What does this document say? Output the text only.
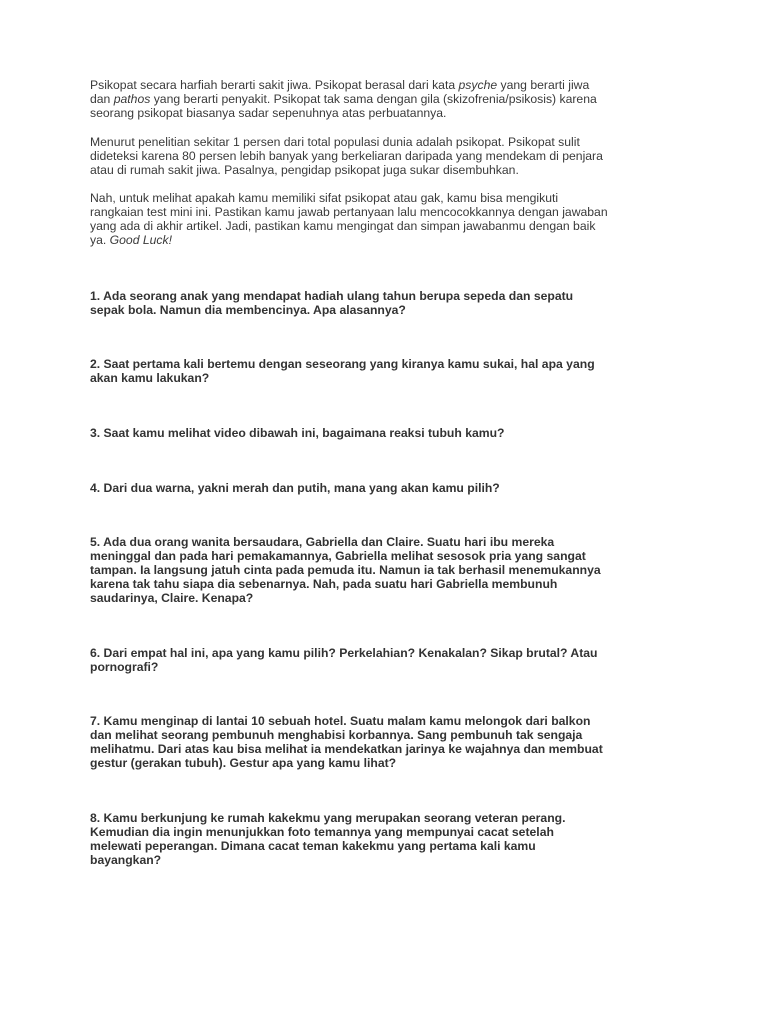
Psikopat secara harfiah berarti sakit jiwa. Psikopat berasal dari kata psyche yang berarti jiwa
dan pathos yang berarti penyakit. Psikopat tak sama dengan gila (skizofrenia/psikosis) karena
seorang psikopat biasanya sadar sepenuhnya atas perbuatannya.
Menurut penelitian sekitar 1 persen dari total populasi dunia adalah psikopat. Psikopat sulit
dideteksi karena 80 persen lebih banyak yang berkeliaran daripada yang mendekam di penjara
atau di rumah sakit jiwa. Pasalnya, pengidap psikopat juga sukar disembuhkan.
Nah, untuk melihat apakah kamu memiliki sifat psikopat atau gak, kamu bisa mengikuti
rangkaian test mini ini. Pastikan kamu jawab pertanyaan lalu mencocokkannya dengan jawaban
yang ada di akhir artikel. Jadi, pastikan kamu mengingat dan simpan jawabanmu dengan baik
ya. Good Luck!
1. Ada seorang anak yang mendapat hadiah ulang tahun berupa sepeda dan sepatu
sepak bola. Namun dia membencinya. Apa alasannya?
2. Saat pertama kali bertemu dengan seseorang yang kiranya kamu sukai, hal apa yang
akan kamu lakukan?
3. Saat kamu melihat video dibawah ini, bagaimana reaksi tubuh kamu?
4. Dari dua warna, yakni merah dan putih, mana yang akan kamu pilih?
5. Ada dua orang wanita bersaudara, Gabriella dan Claire. Suatu hari ibu mereka
meninggal dan pada hari pemakamannya, Gabriella melihat sesosok pria yang sangat
tampan. Ia langsung jatuh cinta pada pemuda itu. Namun ia tak berhasil menemukannya
karena tak tahu siapa dia sebenarnya. Nah, pada suatu hari Gabriella membunuh
saudarinya, Claire. Kenapa?
6. Dari empat hal ini, apa yang kamu pilih? Perkelahian? Kenakalan? Sikap brutal? Atau
pornografi?
7. Kamu menginap di lantai 10 sebuah hotel. Suatu malam kamu melongok dari balkon
dan melihat seorang pembunuh menghabisi korbannya. Sang pembunuh tak sengaja
melihatmu. Dari atas kau bisa melihat ia mendekatkan jarinya ke wajahnya dan membuat
gestur (gerakan tubuh). Gestur apa yang kamu lihat?
8. Kamu berkunjung ke rumah kakekmu yang merupakan seorang veteran perang.
Kemudian dia ingin menunjukkan foto temannya yang mempunyai cacat setelah
melewati peperangan. Dimana cacat teman kakekmu yang pertama kali kamu
bayangkan?
